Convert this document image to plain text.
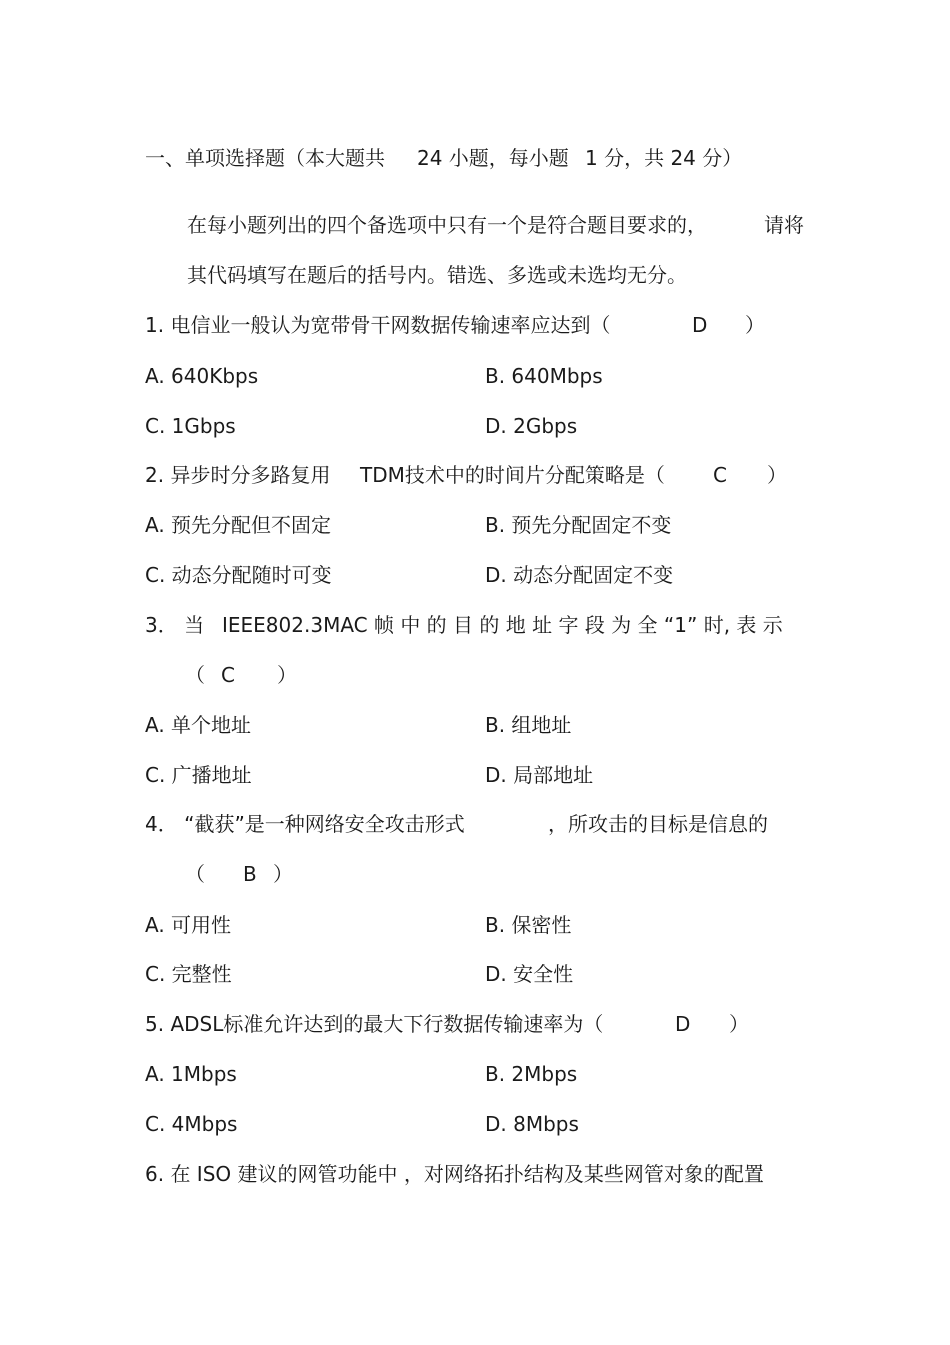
一、单项选择题（本大题共 24 小题，每小题 1 分，共 24 分）
在每小题列出的四个备选项中只有一个是符合题目要求的，	请将
其代码填写在题后的括号内。错选、多选或未选均无分。
1. 电信业一般认为宽带骨干网数据传输速率应达到（	D ）
A. 640Kbps	B. 640Mbps
C. 1Gbps	D. 2Gbps
2. 异步时分多路复用 TDM技术中的时间片分配策略是（ C ）
A. 预先分配但不固定	B. 预先分配固定不变
C. 动态分配随时可变	D. 动态分配固定不变
3． 当 IEEE802.3MAC 帧 中 的 目 的 地 址 字 段 为 全 “1” 时, 表 示
（ C ）
A. 单个地址	B. 组地址
C. 广播地址	D. 局部地址
4． “截获”是一种网络安全攻击形式	，所攻击的目标是信息的
（ B ）
A. 可用性	B. 保密性
C. 完整性	D. 安全性
5. ADSL标准允许达到的最大下行数据传输速率为（	D ）
A. 1Mbps	B. 2Mbps
C. 4Mbps	D. 8Mbps
6. 在 ISO 建议的网管功能中 ，对网络拓扑结构及某些网管对象的配置
